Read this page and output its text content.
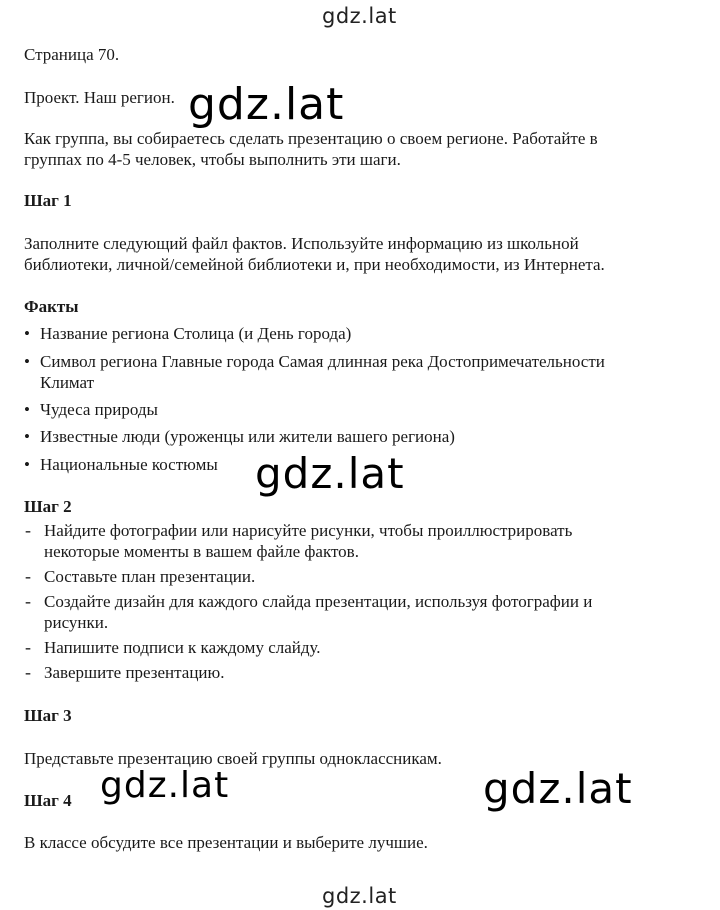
gdz.lat
Страница 70.
Проект. Наш регион.
Как группа, вы собираетесь сделать презентацию о своем регионе. Работайте в
группах по 4-5 человек, чтобы выполнить эти шаги.
Шаг 1
Заполните следующий файл фактов. Используйте информацию из школьной
библиотеки, личной/семейной библиотеки и, при необходимости, из Интернета.
Факты
• Название региона Столица (и День города)
• Символ региона Главные города Самая длинная река Достопримечательности
Климат
• Чудеса природы
• Известные люди (уроженцы или жители вашего региона)
• Национальные костюмы
Шаг 2
- Найдите фотографии или нарисуйте рисунки, чтобы проиллюстрировать
некоторые моменты в вашем файле фактов.
- Составьте план презентации.
- Создайте дизайн для каждого слайда презентации, используя фотографии и
рисунки.
- Напишите подписи к каждому слайду.
- Завершите презентацию.
Шаг 3
Представьте презентацию своей группы одноклассникам.
Шаг 4
В классе обсудите все презентации и выберите лучшие.
gdz.lat
gdz.lat
gdz.lat	gdz.lat
gdz.lat
